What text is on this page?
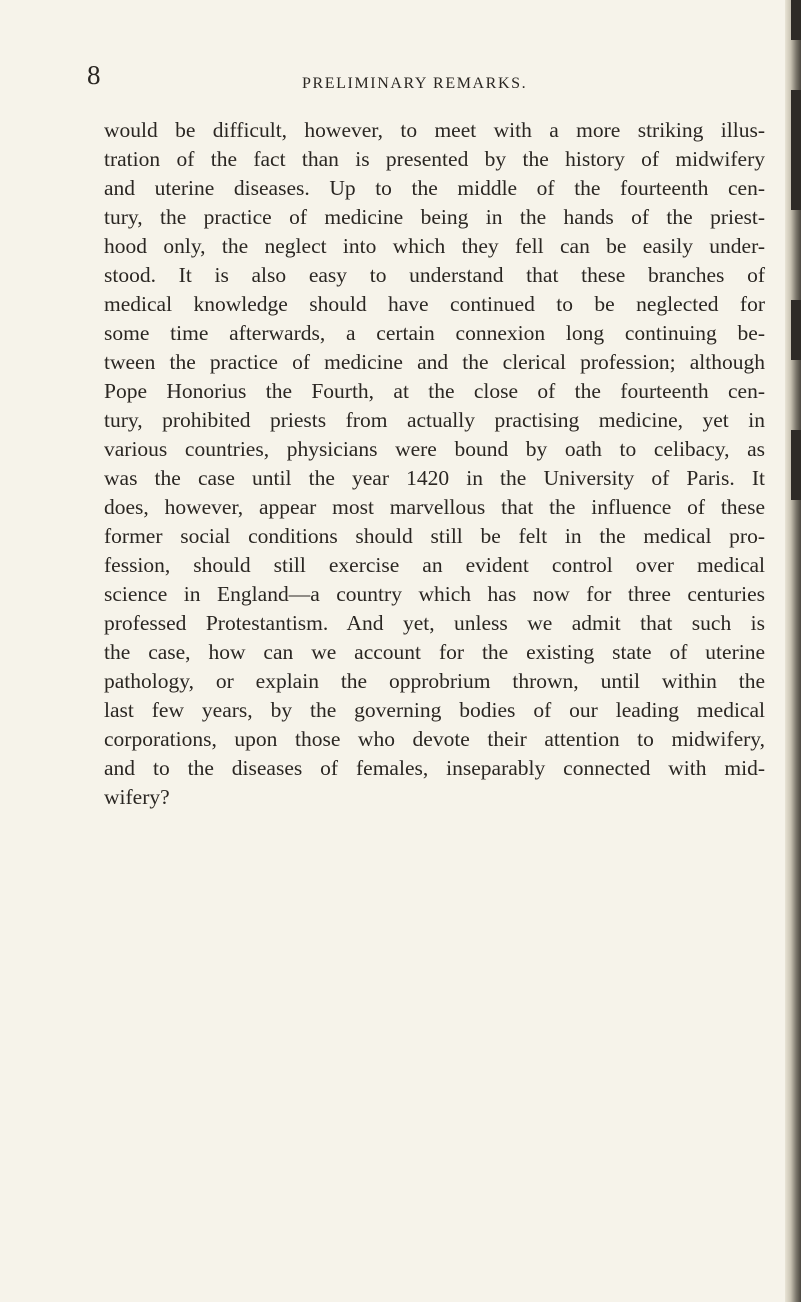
8	PRELIMINARY REMARKS.

would be difficult, however, to meet with a more striking illus-
tration of the fact than is presented by the history of midwifery
and uterine diseases. Up to the middle of the fourteenth cen-
tury, the practice of medicine being in the hands of the priest-
hood only, the neglect into which they fell can be easily under-
stood. It is also easy to understand that these branches of
medical knowledge should have continued to be neglected for
some time afterwards, a certain connexion long continuing be-
tween the practice of medicine and the clerical profession; although
Pope Honorius the Fourth, at the close of the fourteenth cen-
tury, prohibited priests from actually practising medicine, yet in
various countries, physicians were bound by oath to celibacy, as
was the case until the year 1420 in the University of Paris. It
does, however, appear most marvellous that the influence of these
former social conditions should still be felt in the medical pro-
fession, should still exercise an evident control over medical
science in England—a country which has now for three centuries
professed Protestantism. And yet, unless we admit that such is
the case, how can we account for the existing state of uterine
pathology, or explain the opprobrium thrown, until within the
last few years, by the governing bodies of our leading medical
corporations, upon those who devote their attention to midwifery,
and to the diseases of females, inseparably connected with mid-
wifery?
